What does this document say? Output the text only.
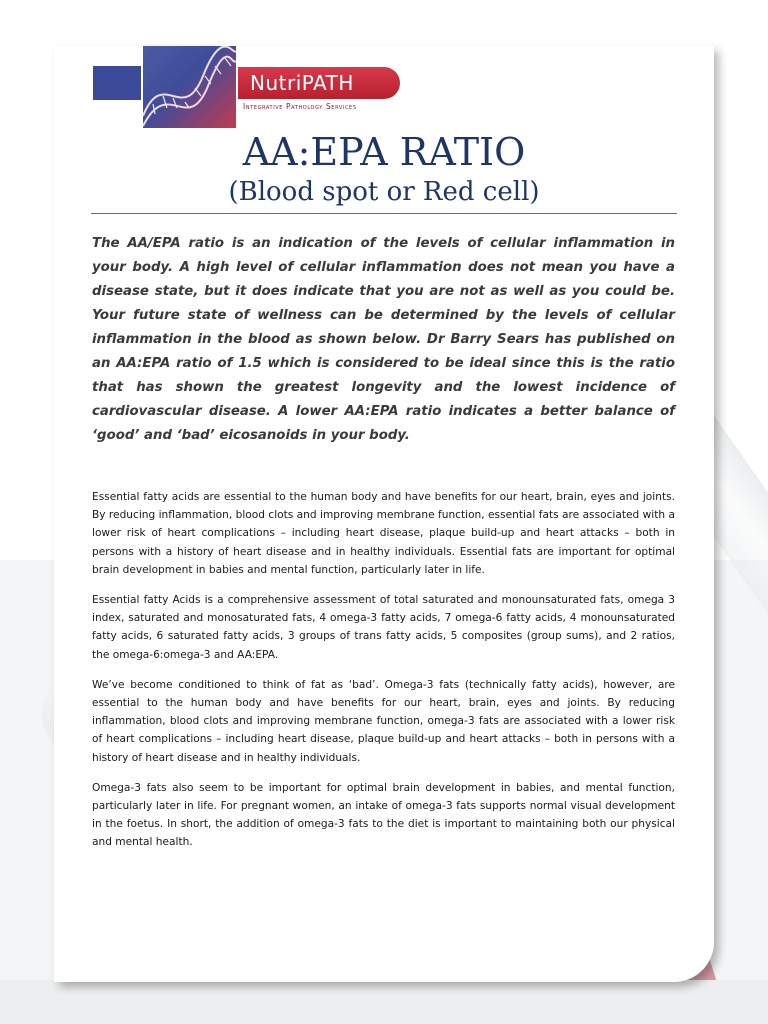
NutriPATH
Integrative Pathology Services
AA:EPA RATIO
(Blood spot or Red cell)

The AA/EPA ratio is an indication of the levels of cellular inflammation in your body. A high level of cellular inflammation does not mean you have a disease state, but it does indicate that you are not as well as you could be. Your future state of wellness can be determined by the levels of cellular inflammation in the blood as shown below. Dr Barry Sears has published on an AA:EPA ratio of 1.5 which is considered to be ideal since this is the ratio that has shown the greatest longevity and the lowest incidence of cardiovascular disease. A lower AA:EPA ratio indicates a better balance of ‘good’ and ‘bad’ eicosanoids in your body.

Essential fatty acids are essential to the human body and have benefits for our heart, brain, eyes and joints. By reducing inflammation, blood clots and improving membrane function, essential fats are associated with a lower risk of heart complications – including heart disease, plaque build-up and heart attacks – both in persons with a history of heart disease and in healthy individuals. Essential fats are important for optimal brain development in babies and mental function, particularly later in life.

Essential fatty Acids is a comprehensive assessment of total saturated and monounsaturated fats, omega 3 index, saturated and monosaturated fats, 4 omega-3 fatty acids, 7 omega-6 fatty acids, 4 monounsaturated fatty acids, 6 saturated fatty acids, 3 groups of trans fatty acids, 5 composites (group sums), and 2 ratios, the omega-6:omega-3 and AA:EPA.

We’ve become conditioned to think of fat as ‘bad’. Omega-3 fats (technically fatty acids), however, are essential to the human body and have benefits for our heart, brain, eyes and joints. By reducing inflammation, blood clots and improving membrane function, omega-3 fats are associated with a lower risk of heart complications – including heart disease, plaque build-up and heart attacks – both in persons with a history of heart disease and in healthy individuals.

Omega-3 fats also seem to be important for optimal brain development in babies, and mental function, particularly later in life. For pregnant women, an intake of omega-3 fats supports normal visual development in the foetus. In short, the addition of omega-3 fats to the diet is important to maintaining both our physical and mental health.
